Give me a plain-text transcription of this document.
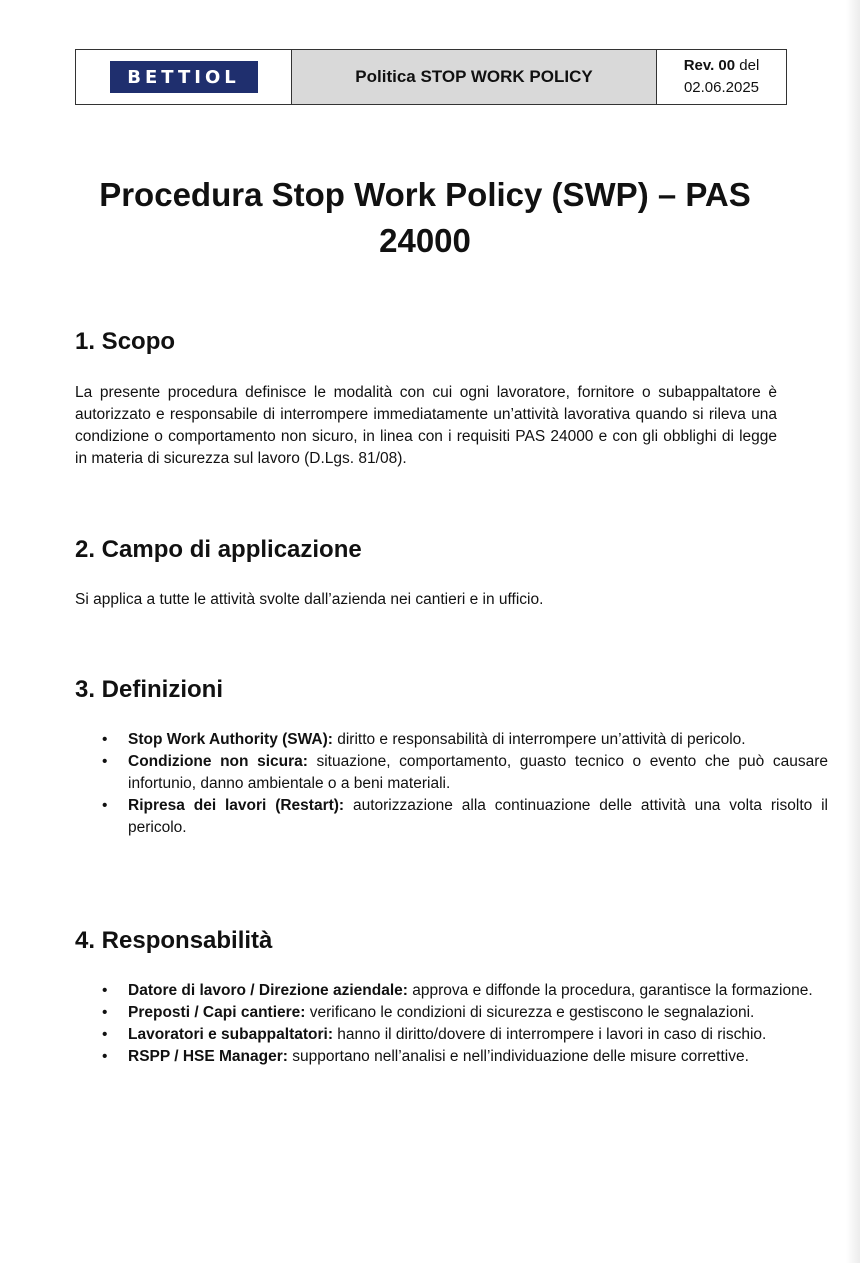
BETTIOL	Politica STOP WORK POLICY
Rev. 00 del
02.06.2025
Procedura Stop Work Policy (SWP) – PAS
24000
1. Scopo

La presente procedura definisce le modalità con cui ogni lavoratore, fornitore o subappaltatore è autorizzato e responsabile di interrompere immediatamente un’attività lavorativa quando si rileva una condizione o comportamento non sicuro, in linea con i requisiti PAS 24000 e con gli obblighi di legge in materia di sicurezza sul lavoro (D.Lgs. 81/08).

2. Campo di applicazione

Si applica a tutte le attività svolte dall’azienda nei cantieri e in ufficio.

3. Definizioni
• Stop Work Authority (SWA): diritto e responsabilità di interrompere un’attività di pericolo.
• Condizione non sicura: situazione, comportamento, guasto tecnico o evento che può causare infortunio, danno ambientale o a beni materiali.
• Ripresa dei lavori (Restart): autorizzazione alla continuazione delle attività una volta risolto il pericolo.
4. Responsabilità
• Datore di lavoro / Direzione aziendale: approva e diffonde la procedura, garantisce la formazione.
• Preposti / Capi cantiere: verificano le condizioni di sicurezza e gestiscono le segnalazioni.
• Lavoratori e subappaltatori: hanno il diritto/dovere di interrompere i lavori in caso di rischio.
• RSPP / HSE Manager: supportano nell’analisi e nell’individuazione delle misure correttive.
